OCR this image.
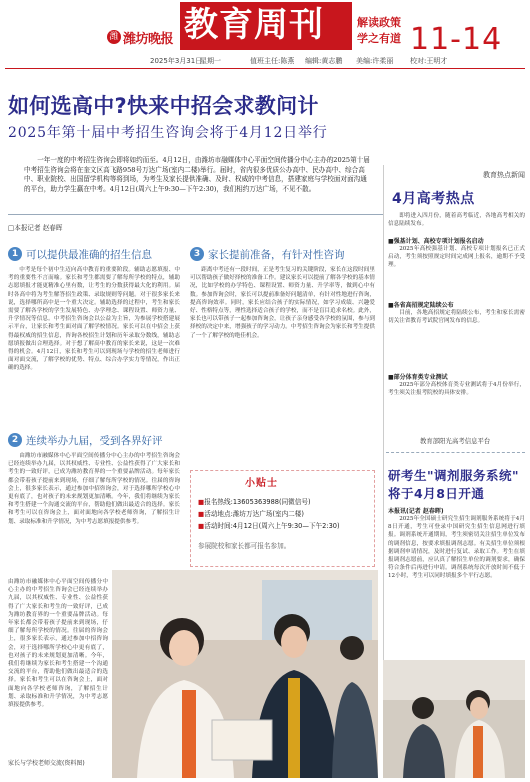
潍 潍坊晚报 教育周刊	解读政策
学之有道 11-14
2025年3月31日
星期一	值班主任:陈燕 编辑:黄志鹏 美编:许柔丽 校对:王明才
如何选高中?快来中招会求教问计
2025年第十届中考招生咨询会将于4月12日举行
一年一度的中考招生咨询会即将如约而至。4月12日，由潍坊市融媒体中心平面空间传播分中心主办的2025第十届中考招生咨询会将在奎文区高飞路958号万达广场(室内二楼)举行。届时，省内很多优质公办高中、民办高中、综合高中、职业院校、出国留学机构等将到场，为考生及家长提供准确、及时、权威的中考信息，搭建家庭与学校面对面沟通的平台，助力学生赢在中考。4月12日(周六上午9:30—下午2:30)，我们相约万达广场，不见不散。
□本报记者 赵春晖
1 可以提供最准确的招生信息
中考是每个初中生迈向高中教育的重要阶段。辅助志愿填报、中考的重要性不言而喻。家长和考生都需要了解每所学校的特点，辅助志愿填报才能更精准心里有数，让考生的分数获得最大化的利用。届时各高中将为考生解答招生政策、录取规则等问题。对于很多家长来说，选择哪所高中是一个重大决定。辅助选择的过程中，考生和家长需要了解各学校的学生发展特色、办学理念、课程设置、师资力量、升学情况等信息。中考招生咨询会以公益为主旨，为参展学校搭建展示平台，让家长和考生面对面了解学校情况。家长可以在中招会上获得最权威的招生信息，咨询各校招生计划和历年录取分数线，辅助志愿填报做出合理选择。对于想了解高中教育的家长来说，这是一次难得的机会。4月12日，家长和考生可以到现场与学校的招生老师进行面对面交流，了解学校的优势、特点、综合办学实力等情况，作出正确的选择。
2 连续举办九届，受到各界好评
由潍坊市融媒体中心平面空间传播分中心主办的中考招生咨询会已经连续举办九届，以其权威性、专业性、公益性获得了广大家长和考生的一致好评，已成为潍坊教育界的一个重要品牌活动。每年家长都会带着孩子提前来到现场，仔细了解每所学校的情况。往届的咨询会上，很多家长表示，通过参加中招咨询会，对于选择哪所学校心中更有底了，也对孩子的未来规划更加清晰。今年，我们将继续为家长和考生搭建一个沟通交流的平台，帮助他们做出最适合的选择。家长和考生可以在咨询会上，面对面地向各学校老师咨询，了解招生计划、录取标准和升学情况，为中考志愿填报提供参考。
由潍坊市融媒体中心平面空间传播分中心主办的中考招生咨询会已经连续举办九届，以其权威性、专业性、公益性获得了广大家长和考生的一致好评，已成为潍坊教育界的一个重要品牌活动。每年家长都会带着孩子提前来到现场，仔细了解每所学校的情况。往届的咨询会上，很多家长表示，通过参加中招咨询会，对于选择哪所学校心中更有底了，也对孩子的未来规划更加清晰。今年，我们将继续为家长和考生搭建一个沟通交流的平台，帮助他们做出最适合的选择。家长和考生可以在咨询会上，面对面地向各学校老师咨询，了解招生计划、录取标准和升学情况，为中考志愿填报提供参考。
3 家长提前准备，有针对性咨询
距离中考还有一段时间，正是考生复习的关键阶段，家长在这段时间里可以帮助孩子做好择校的准备工作。建议家长可以提前了解各学校的基本情况，比如学校的办学特色、课程设置、师资力量、升学率等，做到心中有数。参加咨询会时，家长可以提前准备好问题清单，有针对性地进行咨询，提高咨询效率。同时，家长应结合孩子的实际情况，如学习成绩、兴趣爱好、性格特点等，理性选择适合孩子的学校，而不是盲目追求名校。此外，家长也可以带孩子一起参加咨询会，让孩子亲身感受各学校的氛围，参与到择校的决定中来，增强孩子的学习动力。中考招生咨询会为家长和考生提供了一个了解学校的绝佳机会。
小贴士
■报名热线:13605363988(同微信号)
■活动地点:潍坊万达广场(室内二楼)
■活动时间:4月12日(周六上午9:30—下午2:30)
参展院校和家长都可报名参加。
家长与学校老师交流(资料图)
教育热点新闻
4月高考热点
即将进入四月份，随着高考临近，各地高考相关的信息陆续发布。
■强基计划、高校专项计划报名启动
2025年高校强基计划、高校专项计划报名已正式启动，考生须按照规定时间完成网上报名，逾期不予受理。
■各省高招规定陆续公布
目前，各地高招规定将陆续公布，考生和家长需密切关注省教育考试院官网发布的信息。
■部分体育类专业测试
2025年部分高校体育类专业测试将于4月份举行，考生须关注报考院校的具体安排。
教育部阳光高考信息平台
研考生"调剂服务系统"
将于4月8日开通
本报讯(记者 赵春晖)
2025年全国硕士研究生招生调剂服务系统将于4月8日开通，考生可登录中国研究生招生信息网进行填报。调剂系统开通期间，考生须密切关注招生单位发布的调剂信息，按要求填报调剂志愿。有关招生单位须根据调剂申请情况，及时进行复试、录取工作。考生在填报调剂志愿前，应认真了解招生单位的调剂要求，确保符合条件后再进行申请。调剂系统每次开放时间不低于12小时，考生可以同时填报多个平行志愿。
